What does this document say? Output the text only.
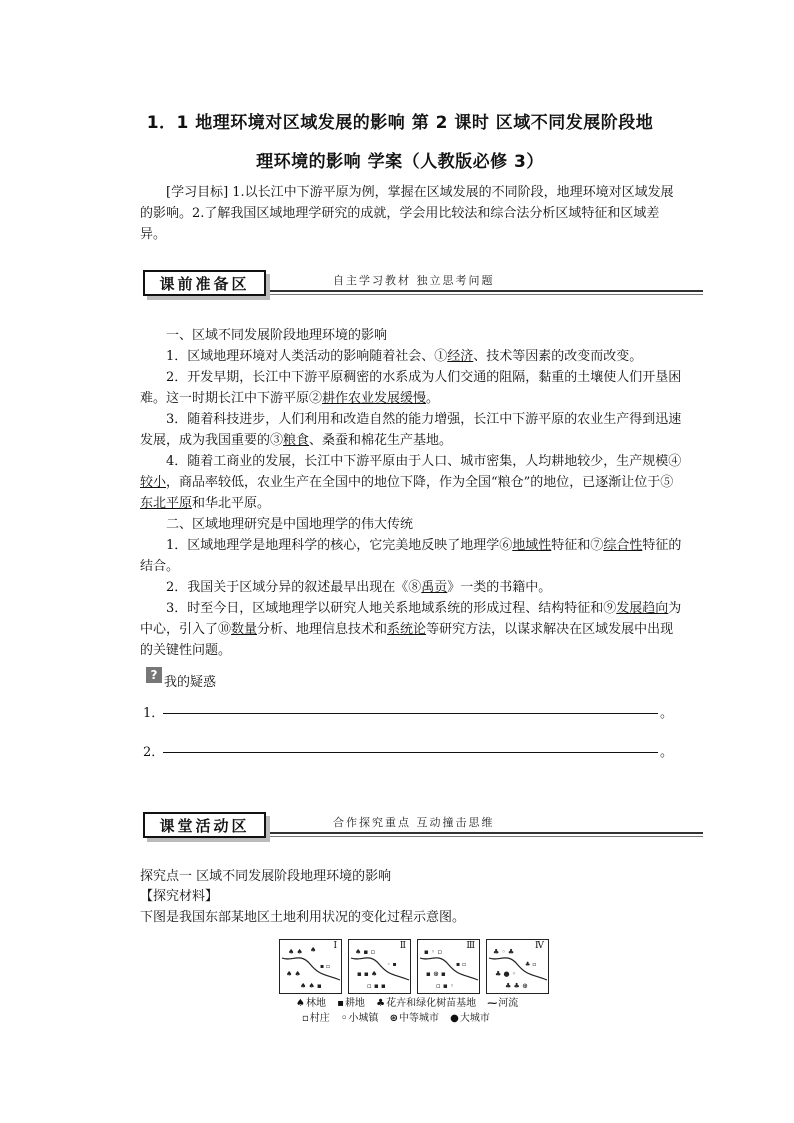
1．1 地理环境对区域发展的影响 第 2 课时 区域不同发展阶段地
理环境的影响 学案（人教版必修 3）
[学习目标] 1.以长江中下游平原为例，掌握在区域发展的不同阶段，地理环境对区域发展的影响。2.了解我国区域地理学研究的成就，学会用比较法和综合法分析区域特征和区域差异。
课前准备区	自主学习教材 独立思考问题
一、区域不同发展阶段地理环境的影响
1．区域地理环境对人类活动的影响随着社会、①经济、技术等因素的改变而改变。
2．开发早期，长江中下游平原稠密的水系成为人们交通的阻隔，黏重的土壤使人们开垦困难。这一时期长江中下游平原②耕作农业发展缓慢。
3．随着科技进步，人们利用和改造自然的能力增强，长江中下游平原的农业生产得到迅速发展，成为我国重要的③粮食、桑蚕和棉花生产基地。
4．随着工商业的发展，长江中下游平原由于人口、城市密集，人均耕地较少，生产规模④较小，商品率较低，农业生产在全国中的地位下降，作为全国“粮仓”的地位，已逐渐让位于⑤东北平原和华北平原。
二、区域地理研究是中国地理学的伟大传统
1．区域地理学是地理科学的核心，它完美地反映了地理学⑥地域性特征和⑦综合性特征的结合。
2．我国关于区域分异的叙述最早出现在《⑧禹贡》一类的书籍中。
3．时至今日，区域地理学以研究人地关系地域系统的形成过程、结构特征和⑨发展趋向为中心，引入了⑩数量分析、地理信息技术和系统论等研究方法，以谋求解决在区域发展中出现的关键性问题。
? 我的疑惑
1．	。
2．	。
课堂活动区	合作探究重点 互动撞击思维
探究点一 区域不同发展阶段地理环境的影响
【探究材料】
下图是我国东部某地区土地利用状况的变化过程示意图。
♠ ♠ ♠
♠ ♠
♠ ♠ ▪
▪ ▫
Ⅰ
♠ ▪ ▫
▪ ▪ ♠
▫ ▪ ▪
◦ ▪
Ⅱ
▪ ◦ ▫
▪ ⊛ ▪
▫ ▪ ◦
▪ ▫
Ⅲ
♣ ◦ ♣
♣ ● ◦
♣ ♣ ⊛
♣ ▫
Ⅳ
♠林地 ▪耕地 ♣花卉和绿化树苗基地 ⁓河流
▫村庄 ◦小城镇 ⊛中等城市 ●大城市
